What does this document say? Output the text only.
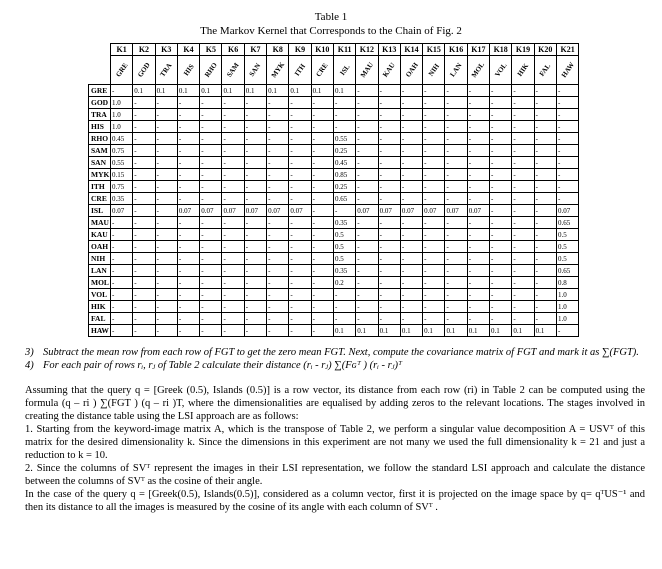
Table 1
The Markov Kernel that Corresponds to the Chain of Fig. 2
	K1	K2	K3	K4	K5	K6	K7	K8	K9	K10	K11	K12	K13	K14	K15	K16	K17	K18	K19	K20	K21

	GRE	GOD	TRA	HIS	RHO	SAM	SAN	MYK	ITH	CRE	ISL	MAU	KAU	OAH	NIH	LAN	MOL	VOL	HIK	FAL	HAW

GRE	-	0.1	0.1	0.1	0.1	0.1	0.1	0.1	0.1	0.1	0.1	-	-	-	-	-	-	-	-	-	-
GOD	1.0	-	-	-	-	-	-	-	-	-	-	-	-	-	-	-	-	-	-	-	-
TRA	1.0	-	-	-	-	-	-	-	-	-	-	-	-	-	-	-	-	-	-	-	-
HIS	1.0	-	-	-	-	-	-	-	-	-	-	-	-	-	-	-	-	-	-	-	-
RHO	0.45	-	-	-	-	-	-	-	-	-	0.55	-	-	-	-	-	-	-	-	-	-
SAM	0.75	-	-	-	-	-	-	-	-	-	0.25	-	-	-	-	-	-	-	-	-	-
SAN	0.55	-	-	-	-	-	-	-	-	-	0.45	-	-	-	-	-	-	-	-	-	-
MYK	0.15	-	-	-	-	-	-	-	-	-	0.85	-	-	-	-	-	-	-	-	-	-
ITH	0.75	-	-	-	-	-	-	-	-	-	0.25	-	-	-	-	-	-	-	-	-	-
CRE	0.35	-	-	-	-	-	-	-	-	-	0.65	-	-	-	-	-	-	-	-	-	-
ISL	0.07	-	-	0.07	0.07	0.07	0.07	0.07	0.07	-	-	0.07	0.07	0.07	0.07	0.07	0.07	-	-	-	0.07
MAU	-	-	-	-	-	-	-	-	-	-	0.35	-	-	-	-	-	-	-	-	-	0.65
KAU	-	-	-	-	-	-	-	-	-	-	0.5	-	-	-	-	-	-	-	-	-	0.5
OAH	-	-	-	-	-	-	-	-	-	-	0.5	-	-	-	-	-	-	-	-	-	0.5
NIH	-	-	-	-	-	-	-	-	-	-	0.5	-	-	-	-	-	-	-	-	-	0.5
LAN	-	-	-	-	-	-	-	-	-	-	0.35	-	-	-	-	-	-	-	-	-	0.65
MOL	-	-	-	-	-	-	-	-	-	-	0.2	-	-	-	-	-	-	-	-	-	0.8
VOL	-	-	-	-	-	-	-	-	-	-	-	-	-	-	-	-	-	-	-	-	1.0
HIK	-	-	-	-	-	-	-	-	-	-	-	-	-	-	-	-	-	-	-	-	1.0
FAL	-	-	-	-	-	-	-	-	-	-	-	-	-	-	-	-	-	-	-	-	1.0
HAW	-	-	-	-	-	-	-	-	-	-	0.1	0.1	0.1	0.1	0.1	0.1	0.1	0.1	0.1	0.1	-

3) Subtract the mean row from each row of FGT to get the zero mean FGT. Next, compute the covariance matrix of FGT and mark it as ∑(FGT).

4) For each pair of rows rᵢ, rⱼ of Table 2 calculate their distance (rᵢ - rⱼ) ∑(Fɢᵀ ) (rᵢ - rⱼ)ᵀ

Assuming that the query q = [Greek (0.5), Islands (0.5)] is a row vector, its distance from each row (ri) in Table 2 can be computed using the formula (q – ri ) ∑(FGT ) (q – ri )T, where the dimensionalities are equalised by adding zeros to the relevant locations. The stages involved in creating the distance table using the LSI approach are as follows:

1. Starting from the keyword-image matrix A, which is the transpose of Table 2, we perform a singular value decomposition A = USVᵀ of this matrix for the desired dimensionality k. Since the dimensions in this experiment are not many we used the full dimensionality k = 21 and just a reduction to k = 10.

2. Since the columns of SVᵀ represent the images in their LSI representation, we follow the standard LSI approach and calculate the distance between the columns of SVᵀ as the cosine of their angle.

In the case of the query q = [Greek(0.5), Islands(0.5)], considered as a column vector, first it is projected on the image space by q= qᵀUS⁻¹ and then its distance to all the images is measured by the cosine of its angle with each column of SVᵀ .
